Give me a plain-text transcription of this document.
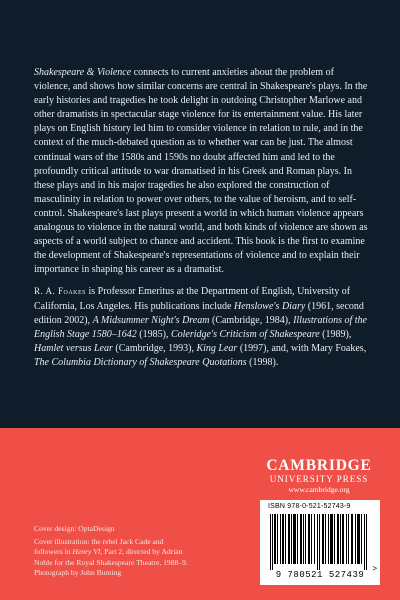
Shakespeare & Violence connects to current anxieties about the problem of violence, and shows how similar concerns are central in Shakespeare's plays. In the early histories and tragedies he took delight in outdoing Christopher Marlowe and other dramatists in spectacular stage violence for its entertainment value. His later plays on English history led him to consider violence in relation to rule, and in the context of the much-debated question as to whether war can be just. The almost continual wars of the 1580s and 1590s no doubt affected him and led to the profoundly critical attitude to war dramatised in his Greek and Roman plays. In these plays and in his major tragedies he also explored the construction of masculinity in relation to power over others, to the value of heroism, and to self-control. Shakespeare's last plays present a world in which human violence appears analogous to violence in the natural world, and both kinds of violence are shown as aspects of a world subject to chance and accident. This book is the first to examine the development of Shakespeare's representations of violence and to explain their importance in shaping his career as a dramatist.

R. A. Foakes is Professor Emeritus at the Department of English, University of California, Los Angeles. His publications include Henslowe's Diary (1961, second edition 2002), A Midsummer Night's Dream (Cambridge, 1984), Illustrations of the English Stage 1580–1642 (1985), Coleridge's Criticism of Shakespeare (1989), Hamlet versus Lear (Cambridge, 1993), King Lear (1997), and, with Mary Foakes, The Columbia Dictionary of Shakespeare Quotations (1998).

Cover design: OptaDesign
Cover illustration: the rebel Jack Cade and
followers in Henry VI, Part 2, directed by Adrian
Noble for the Royal Shakespeare Theatre, 1988–9.
Photograph by John Bunting
CAMBRIDGE
UNIVERSITY PRESS
www.cambridge.org
ISBN 978-0-521-52743-9
9 780521 527439
>
